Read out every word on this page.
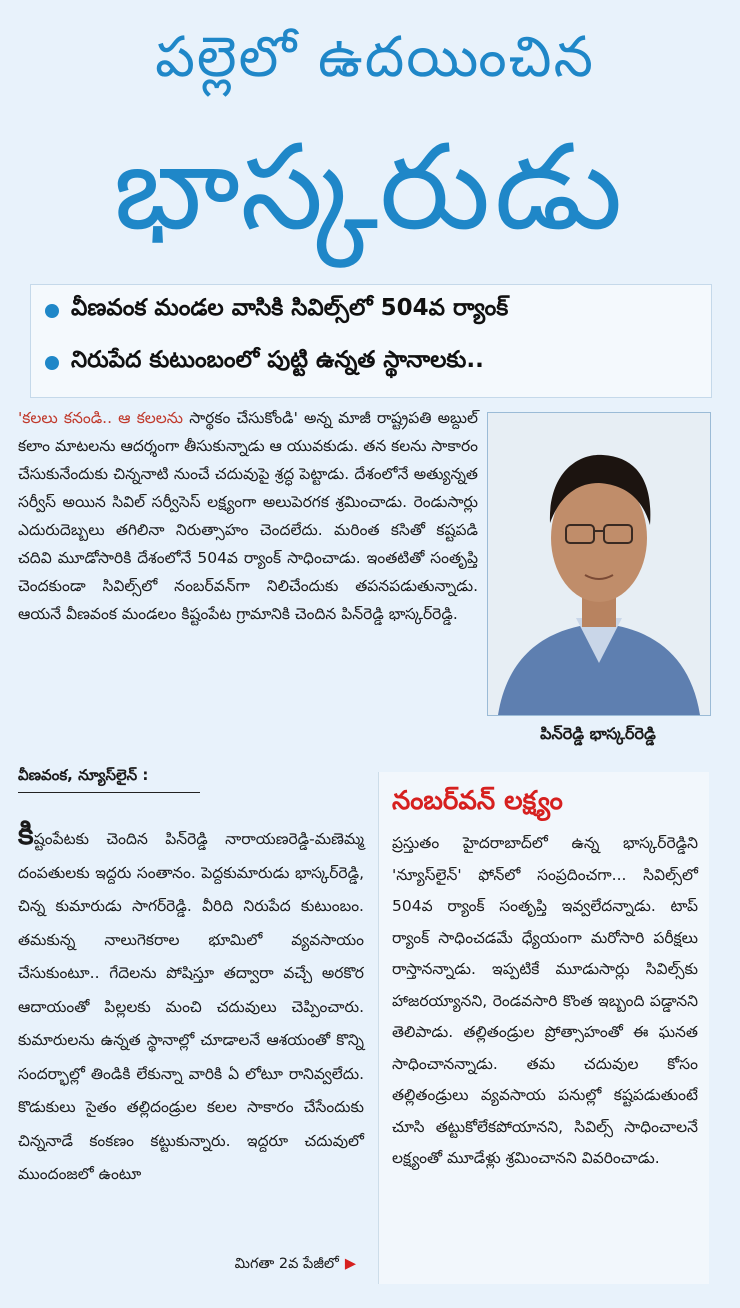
పల్లెలో ఉదయించిన
భాస్కరుడు
వీణవంక మండల వాసికి సివిల్స్‌లో 504వ ర్యాంక్
నిరుపేద కుటుంబంలో పుట్టి ఉన్నత స్థానాలకు..
'కలలు కనండి.. ఆ కలలను సార్థకం చేసుకోండి' అన్న మాజీ రాష్ట్రపతి అబ్దుల్ కలాం మాటలను ఆదర్శంగా తీసుకున్నాడు ఆ యువకుడు. తన కలను సాకారం చేసుకునేందుకు చిన్ననాటి నుంచే చదువుపై శ్రద్ధ పెట్టాడు. దేశంలోనే అత్యున్నత సర్వీస్ అయిన సివిల్ సర్వీసెస్ లక్ష్యంగా అలుపెరగక శ్రమించాడు. రెండుసార్లు ఎదురుదెబ్బలు తగిలినా నిరుత్సాహం చెందలేదు. మరింత కసితో కష్టపడి చదివి మూడోసారికి దేశంలోనే 504వ ర్యాంక్ సాధించాడు. ఇంతటితో సంతృప్తి చెందకుండా సివిల్స్‌లో నంబర్‌వన్‌గా నిలిచేందుకు తపనపడుతున్నాడు. ఆయనే వీణవంక మండలం కిష్టంపేట గ్రామానికి చెందిన పిన్‌రెడ్డి భాస్కర్‌రెడ్డి.
పిన్‌రెడ్డి భాస్కర్‌రెడ్డి
వీణవంక, న్యూస్‌లైన్ :
కిష్టంపేటకు చెందిన పిన్‌రెడ్డి నారాయణరెడ్డి-మణెమ్మ దంపతులకు ఇద్దరు సంతానం. పెద్దకుమారుడు భాస్కర్‌రెడ్డి, చిన్న కుమారుడు సాగర్‌రెడ్డి. వీరిది నిరుపేద కుటుంబం. తమకున్న నాలుగెకరాల భూమిలో వ్యవసాయం చేసుకుంటూ.. గేదెలను పోషిస్తూ తద్వారా వచ్చే అరకొర ఆదాయంతో పిల్లలకు మంచి చదువులు చెప్పించారు. కుమారులను ఉన్నత స్థానాల్లో చూడాలనే ఆశయంతో కొన్ని సందర్భాల్లో తిండికి లేకున్నా వారికి ఏ లోటూ రానివ్వలేదు. కొడుకులు సైతం తల్లిదండ్రుల కలల సాకారం చేసేందుకు చిన్ననాడే కంకణం కట్టుకున్నారు. ఇద్దరూ చదువులో ముందంజలో ఉంటూ
మిగతా 2వ పేజీలో ▶
నంబర్‌వన్ లక్ష్యం
ప్రస్తుతం హైదరాబాద్‌లో ఉన్న భాస్కర్‌రెడ్డిని 'న్యూస్‌లైన్' ఫోన్‌లో సంప్రదించగా... సివిల్స్‌లో 504వ ర్యాంక్ సంతృప్తి ఇవ్వలేదన్నాడు. టాప్ ర్యాంక్ సాధించడమే ధ్యేయంగా మరోసారి పరీక్షలు రాస్తానన్నాడు. ఇప్పటికే మూడుసార్లు సివిల్స్‌కు హాజరయ్యానని, రెండవసారి కొంత ఇబ్బంది పడ్డానని తెలిపాడు. తల్లితండ్రుల ప్రోత్సాహంతో ఈ ఘనత సాధించానన్నాడు. తమ చదువుల కోసం తల్లితండ్రులు వ్యవసాయ పనుల్లో కష్టపడుతుంటే చూసి తట్టుకోలేకపోయానని, సివిల్స్ సాధించాలనే లక్ష్యంతో మూడేళ్లు శ్రమించానని వివరించాడు.
